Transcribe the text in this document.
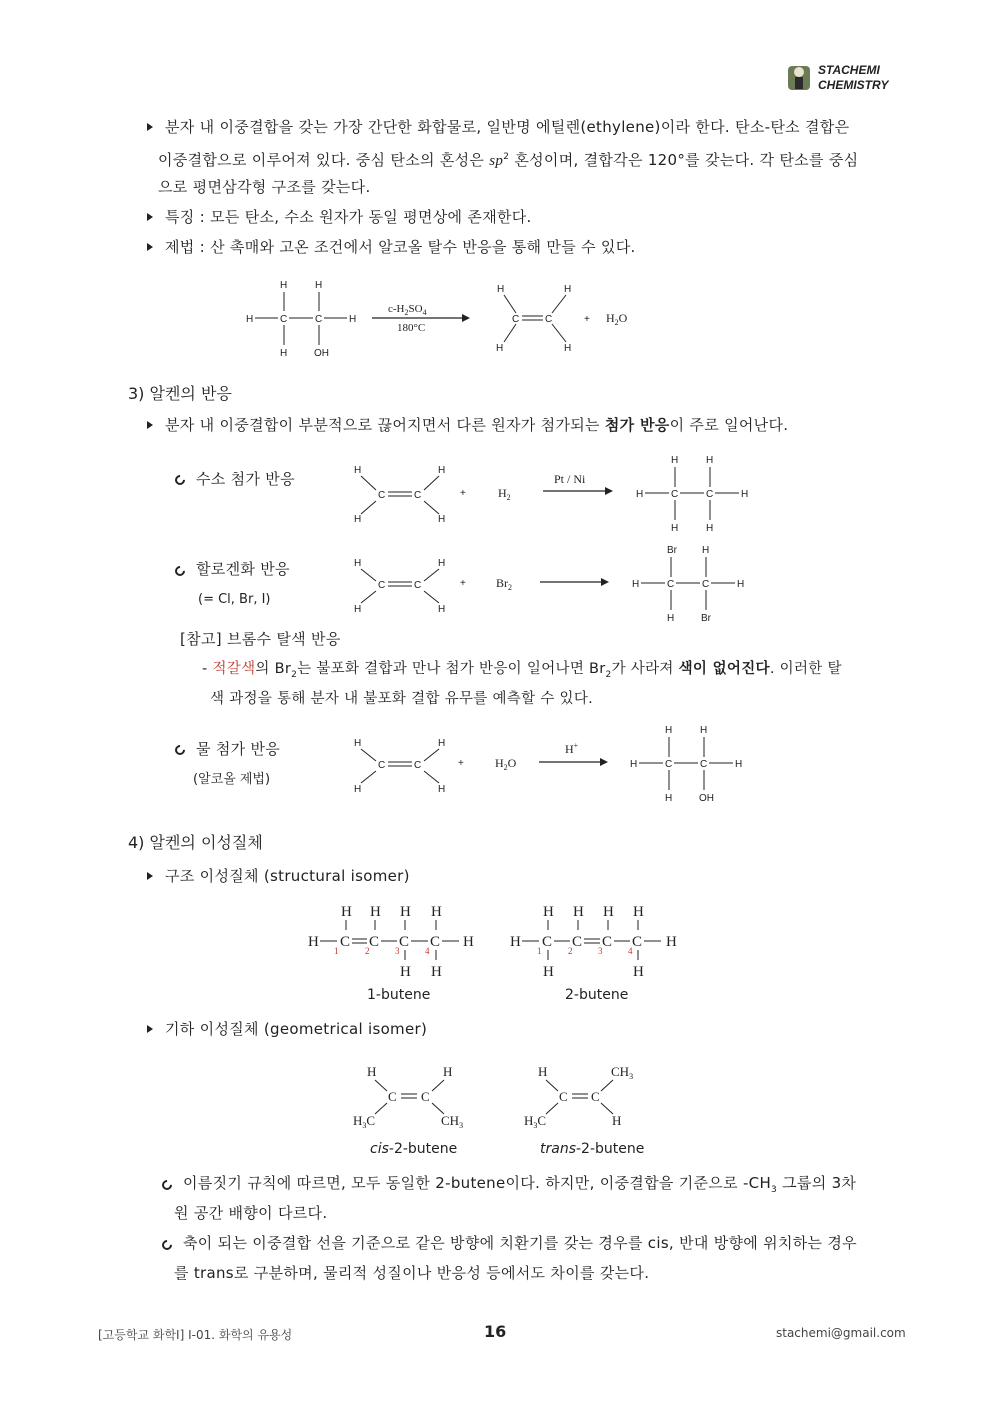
STACHEMI
CHEMISTRY
분자 내 이중결합을 갖는 가장 간단한 화합물로, 일반명 에틸렌(ethylene)이라 한다. 탄소-탄소 결합은
이중결합으로 이루어져 있다. 중심 탄소의 혼성은 $sp^2$ 혼성이며, 결합각은 120°를 갖는다. 각 탄소를 중심
으로 평면삼각형 구조를 갖는다.
특징 : 모든 탄소, 수소 원자가 동일 평면상에 존재한다.
제법 : 산 촉매와 고온 조건에서 알코올 탈수 반응을 통해 만들 수 있다.
H	H
H	C	C	H
H	OH
$c-H_2SO_4$
180°C
H	H
C	C
H	H
+ $H_2O$
3) 알켄의 반응
분자 내 이중결합이 부분적으로 끊어지면서 다른 원자가 첨가되는 첨가 반응이 주로 일어난다.
수소 첨가 반응	H	H
C	C
H	H
+	$H_2$
Pt / Ni
H	H
H	C	C	H
H	H
할로겐화 반응
(= Cl, Br, I)
H	H
C	C
H	H
+	$Br_2$
Br	H
H	C	C	H
H	Br
[참고] 브롬수 탈색 반응
- 적갈색의 $Br_2$는 불포화 결합과 만나 첨가 반응이 일어나면 $Br_2$가 사라져 색이 없어진다. 이러한 탈
색 과정을 통해 분자 내 불포화 결합 유무를 예측할 수 있다.
물 첨가 반응
(알코올 제법)
H	H
C	C
H	H
+	$H_2O$
H+
H	H
H	C	C	H
H	OH
4) 알켄의 이성질체
구조 이성질체 (structural isomer)
H H H H
H C C C C H
H H
H H H H
H C C C C H
H	H
1	2	3	4	1	2	3	4
1-butene	2-butene
기하 이성질체 (geometrical isomer)
H	H
C C
$H_3C$	$CH_3$
H	$CH_3$
C C
$H_3C$	H
cis-2-butene	trans-2-butene
이름짓기 규칙에 따르면, 모두 동일한 2-butene이다. 하지만, 이중결합을 기준으로 $-CH_3$ 그룹의 3차
원 공간 배향이 다르다.
축이 되는 이중결합 선을 기준으로 같은 방향에 치환기를 갖는 경우를 cis, 반대 방향에 위치하는 경우
를 trans로 구분하며, 물리적 성질이나 반응성 등에서도 차이를 갖는다.
[고등학교 화학Ⅰ] Ⅰ-01. 화학의 유용성	16	stachemi@gmail.com
